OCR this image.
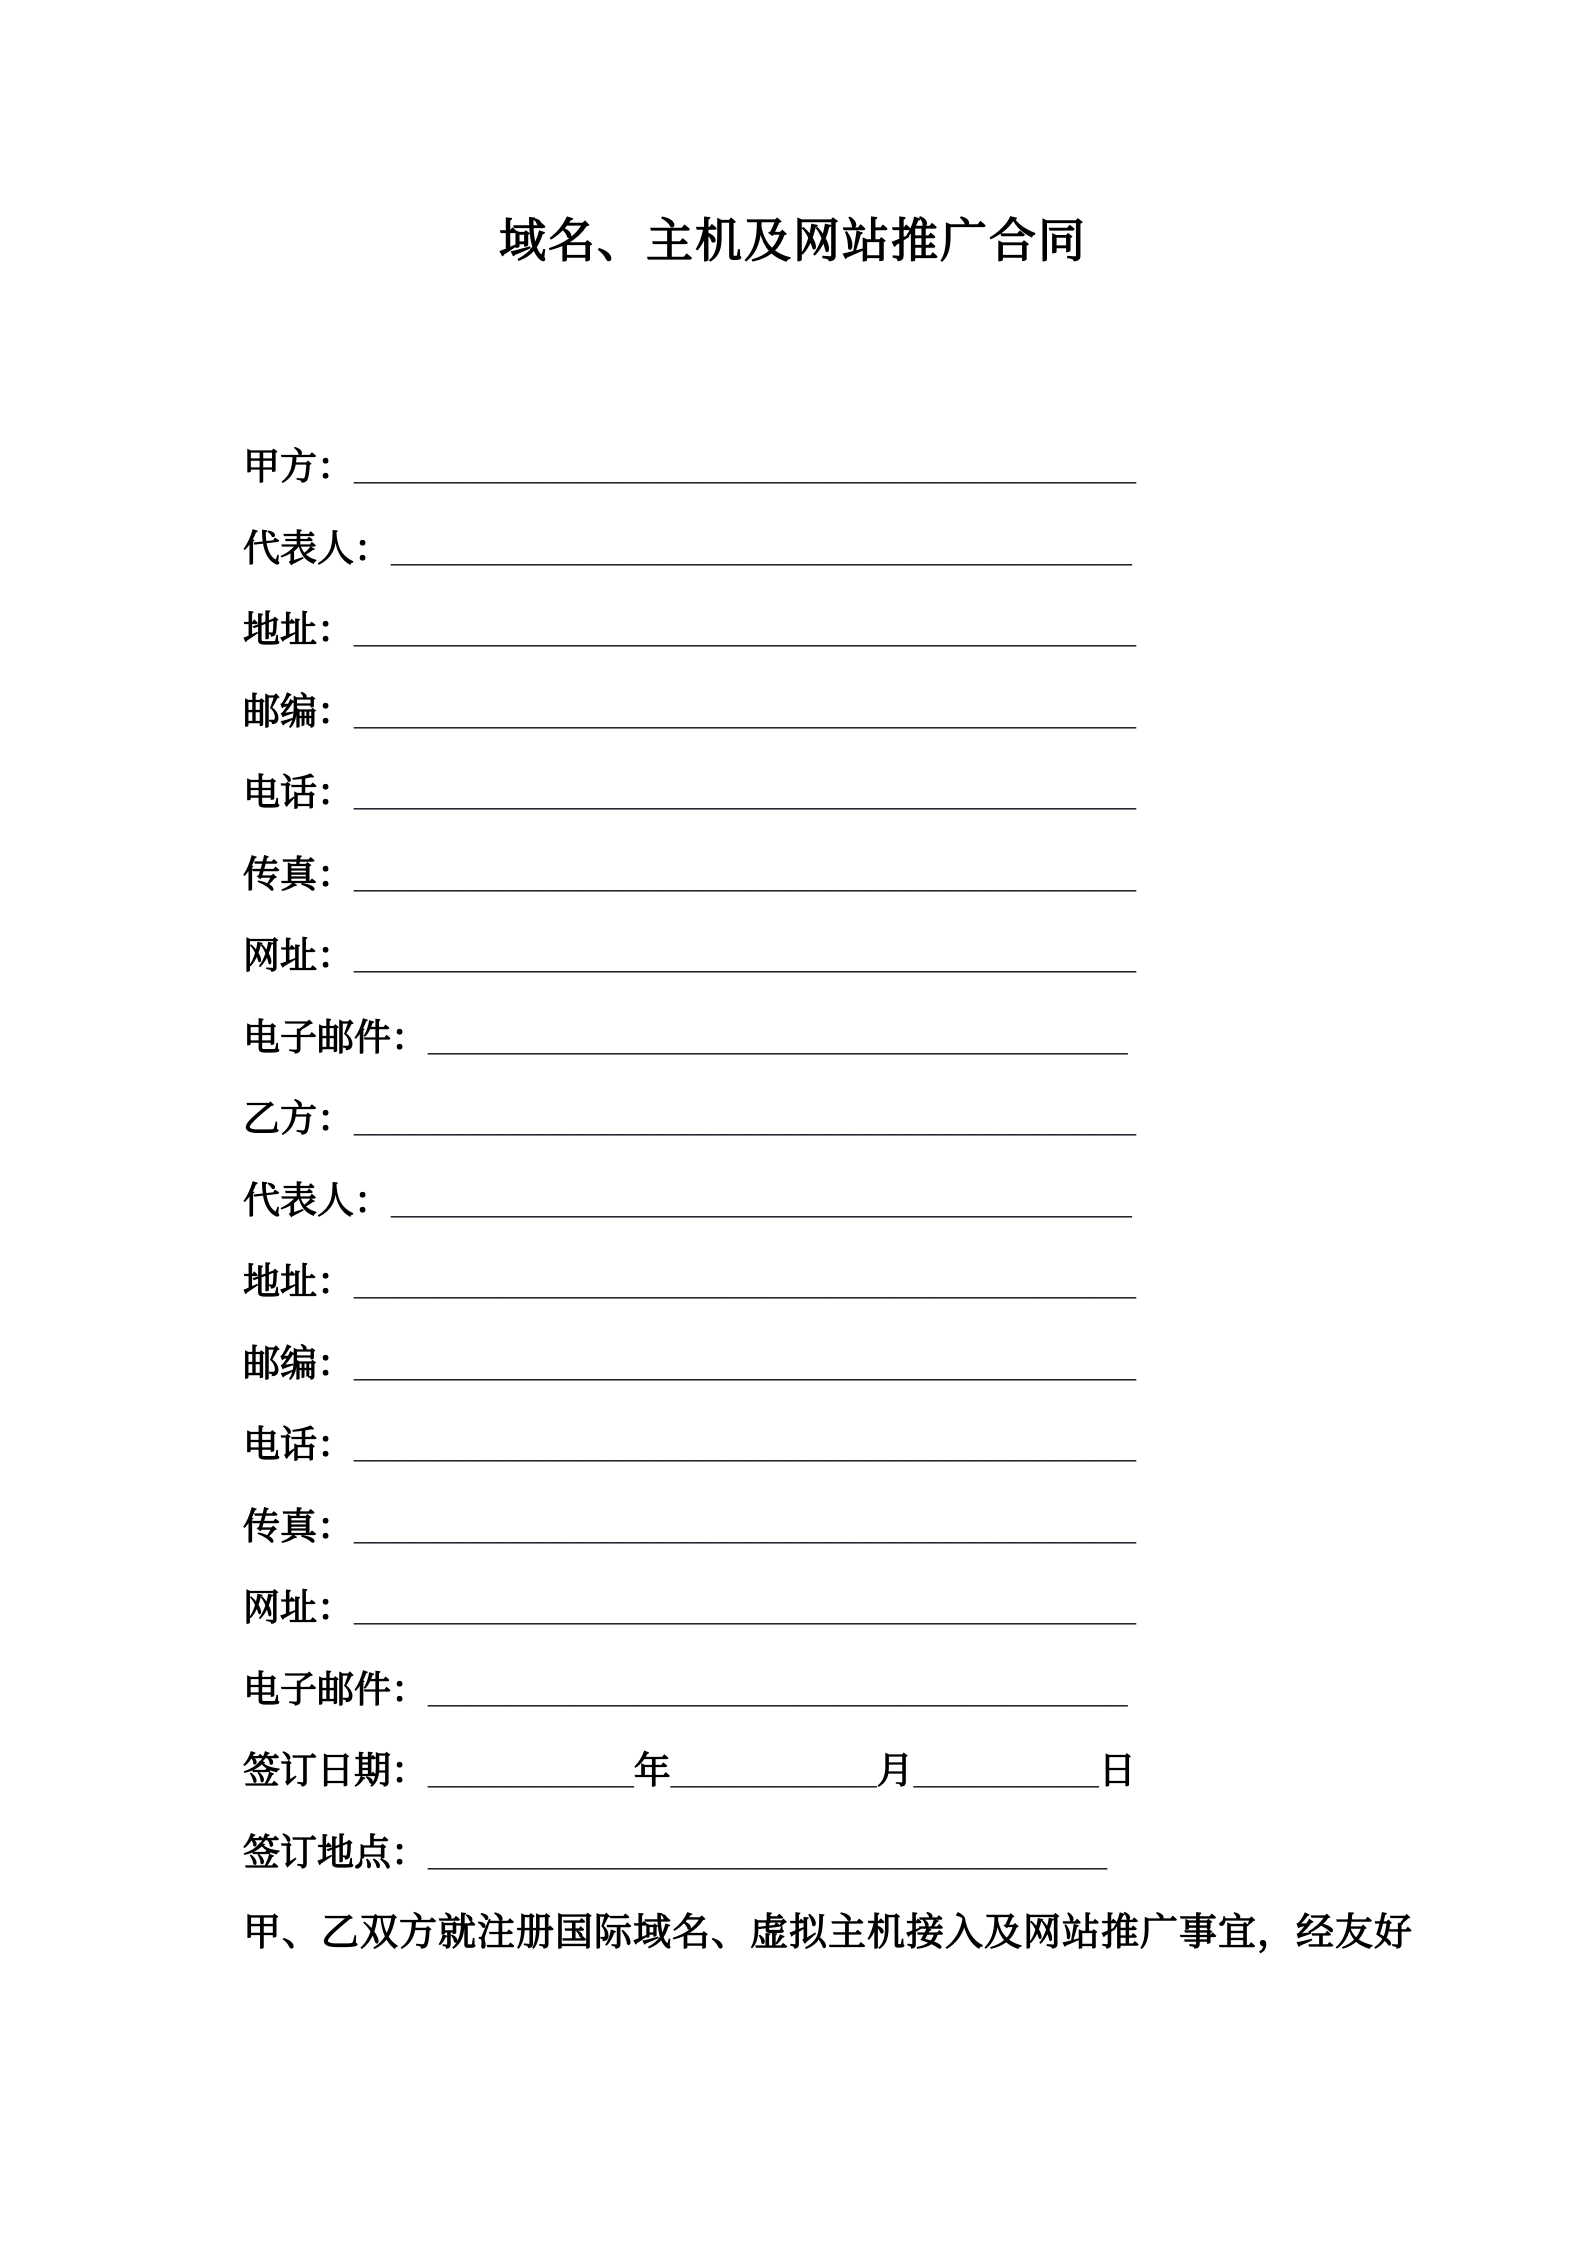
域名、主机及网站推广合同
甲方：______________________________________
代表人：____________________________________
地址：______________________________________
邮编：______________________________________
电话：______________________________________
传真：______________________________________
网址：______________________________________
电子邮件：__________________________________
乙方：______________________________________
代表人：____________________________________
地址：______________________________________
邮编：______________________________________
电话：______________________________________
传真：______________________________________
网址：______________________________________
电子邮件：__________________________________
签订日期：__________年__________月_________日
签订地点：_________________________________

甲、乙双方就注册国际域名、虚拟主机接入及网站推广事宜，经友好
